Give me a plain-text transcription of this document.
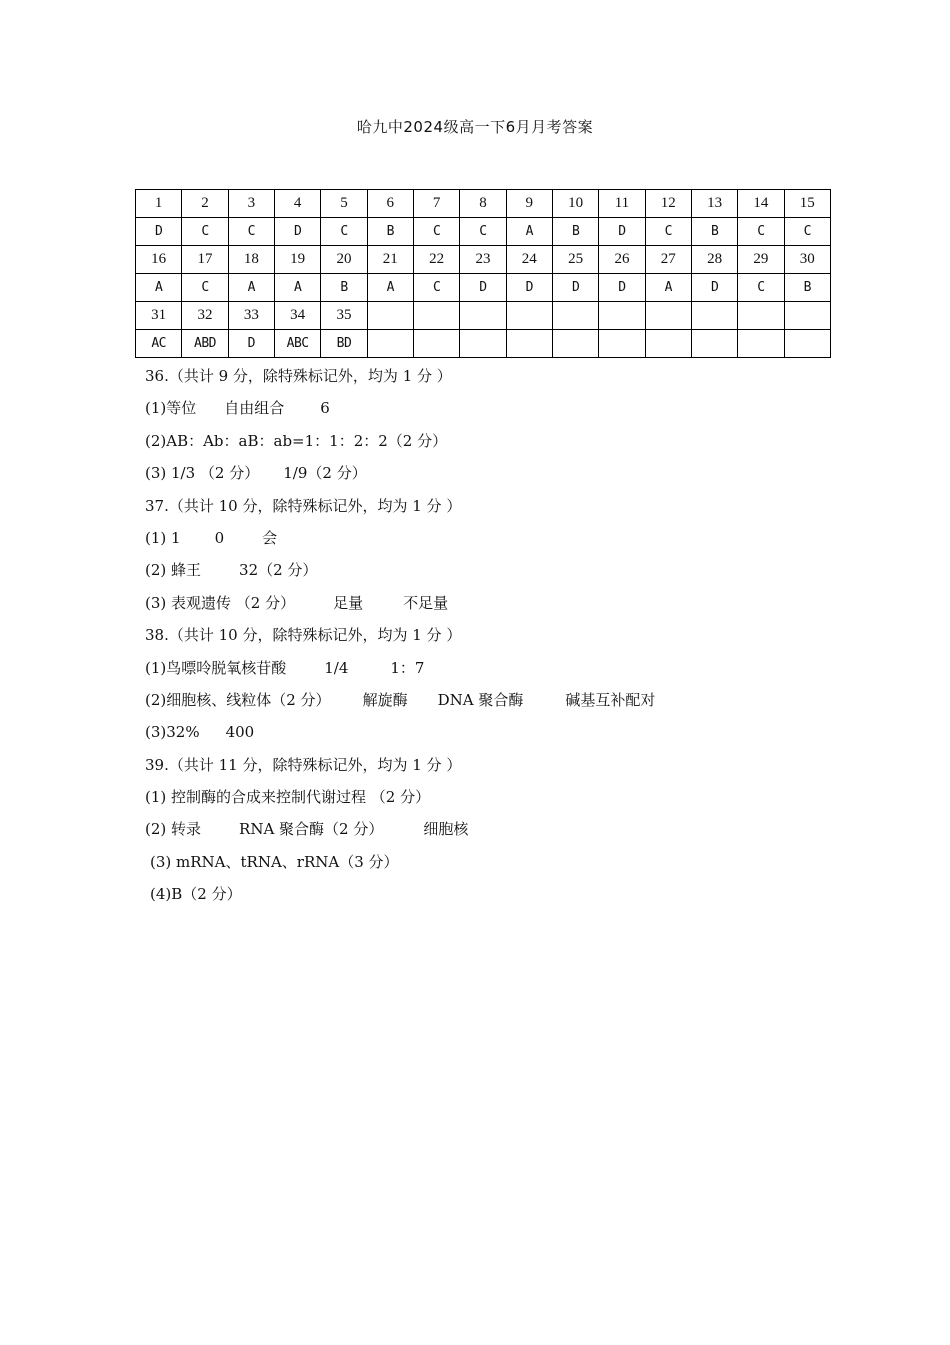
哈九中2024级高一下6月月考答案
1	2	3	4	5	6	7	8	9	10	11	12	13	14	15
D	C	C	D	C	B	C	C	A	B	D	C	B	C	C
16	17	18	19	20	21	22	23	24	25	26	27	28	29	30
A	C	A	A	B	A	C	D	D	D	D	A	D	C	B
31	32	33	34	35										
AC	ABD	D	ABC	BD										
36.（共计 9 分，除特殊标记外，均为 1 分 ）
(1)等位 自由组合 6
(2)AB：Ab：aB：ab=1：1：2：2（2 分）
(3) 1/3 （2 分） 1/9（2 分）
37.（共计 10 分，除特殊标记外，均为 1 分 ）
(1) 1 0	会
(2) 蜂王	32（2 分）
(3) 表观遗传 （2 分）	足量	不足量
38.（共计 10 分，除特殊标记外，均为 1 分 ）
(1)鸟嘌呤脱氧核苷酸	1/4	1：7
(2)细胞核、线粒体（2 分） 解旋酶 DNA 聚合酶	碱基互补配对
(3)32% 400
39.（共计 11 分，除特殊标记外，均为 1 分 ）
(1) 控制酶的合成来控制代谢过程 （2 分）
(2) 转录	RNA 聚合酶（2 分）	细胞核
(3) mRNA、tRNA、rRNA（3 分）
(4)B（2 分）
